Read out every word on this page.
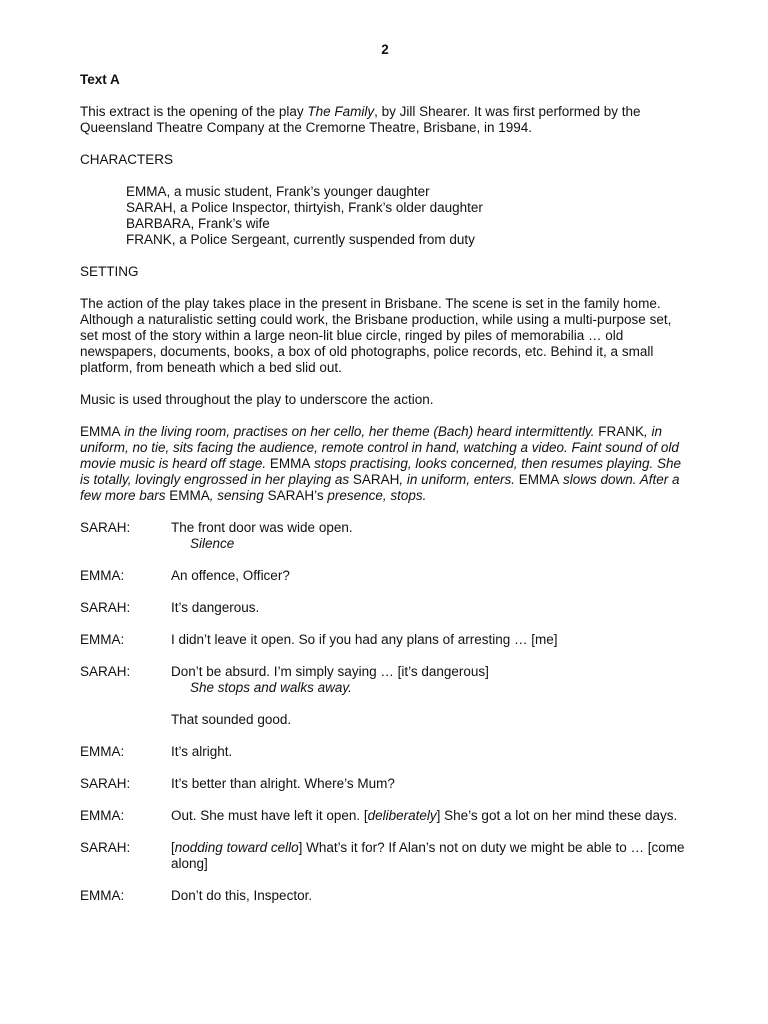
2
Text A

This extract is the opening of the play The Family, by Jill Shearer. It was first performed by the Queensland Theatre Company at the Cremorne Theatre, Brisbane, in 1994.

CHARACTERS
EMMA, a music student, Frank’s younger daughter
SARAH, a Police Inspector, thirtyish, Frank’s older daughter
BARBARA, Frank’s wife
FRANK, a Police Sergeant, currently suspended from duty
SETTING

The action of the play takes place in the present in Brisbane. The scene is set in the family home. Although a naturalistic setting could work, the Brisbane production, while using a multi-purpose set, set most of the story within a large neon-lit blue circle, ringed by piles of memorabilia … old newspapers, documents, books, a box of old photographs, police records, etc. Behind it, a small platform, from beneath which a bed slid out.

Music is used throughout the play to underscore the action.

EMMA in the living room, practises on her cello, her theme (Bach) heard intermittently. FRANK, in uniform, no tie, sits facing the audience, remote control in hand, watching a video. Faint sound of old movie music is heard off stage. EMMA stops practising, looks concerned, then resumes playing. She is totally, lovingly engrossed in her playing as SARAH, in uniform, enters. EMMA slows down. After a few more bars EMMA, sensing SARAH’s presence, stops.
SARAH:	The front door was wide open.
Silence
EMMA:	An offence, Officer?
SARAH:	It’s dangerous.
EMMA:	I didn’t leave it open. So if you had any plans of arresting … [me]
SARAH:	Don’t be absurd. I’m simply saying … [it’s dangerous]
She stops and walks away.
That sounded good.
EMMA:	It’s alright.
SARAH:	It’s better than alright. Where’s Mum?
EMMA:	Out. She must have left it open. [deliberately] She’s got a lot on her mind these days.
SARAH:	[nodding toward cello] What’s it for? If Alan’s not on duty we might be able to … [come along]
EMMA:	Don’t do this, Inspector.
